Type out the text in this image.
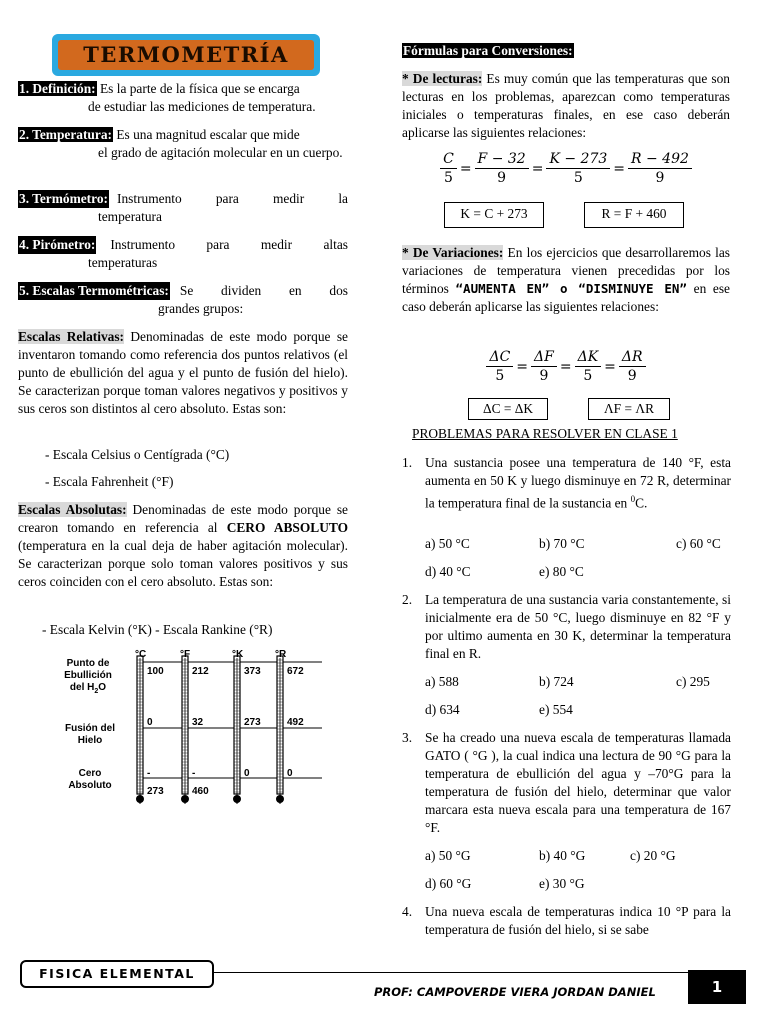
TERMOMETRÍA
1. Definición: Es la parte de la física que se encarga
de estudiar las mediciones de temperatura.
2. Temperatura: Es una magnitud escalar que mide
el grado de agitación molecular en un cuerpo.
3. Termómetro: Instrumento para medir la
temperatura
4. Pirómetro:	Instrumento para medir altas
temperaturas
5. Escalas Termométricas: Se dividen en dos
grandes grupos:
Escalas Relativas: Denominadas de este modo porque se inventaron tomando como referencia dos puntos relativos (el punto de ebullición del agua y el punto de fusión del hielo). Se caracterizan porque toman valores negativos y positivos y sus ceros son distintos al cero absoluto. Estas son:
- Escala Celsius o Centígrada (°C)
- Escala Fahrenheit (°F)
Escalas Absolutas: Denominadas de este modo porque se crearon tomando en referencia al CERO ABSOLUTO (temperatura en la cual deja de haber agitación molecular). Se caracterizan porque solo toman valores positivos y sus ceros coinciden con el cero absoluto. Estas son:
- Escala Kelvin (°K) - Escala Rankine (°R)
Punto de
Ebullición
del $H_2O$
Fusión del
Hielo
Cero
Absoluto
°C
100
0
- 273
°F
212
32
- 460
°K
373
273
0
°R
672
492
0
Fórmulas para Conversiones:
* De lecturas: Es muy común que las temperaturas que son lecturas en los problemas, aparezcan como temperaturas iniciales o temperaturas finales, en ese caso deberán aplicarse las siguientes relaciones:
$\frac{C}{5} = \frac{F - 32}{9} = \frac{K - 273}{5} = \frac{R - 492}{9}$
K = C + 273	R = F + 460
* De Variaciones: En los ejercicios que desarrollaremos las variaciones de temperatura vienen precedidas por los términos “AUMENTA EN” o “DISMINUYE EN” en ese caso deberán aplicarse las siguientes relaciones:
$\frac{\Delta C}{5} = \frac{\Delta F}{9} = \frac{\Delta K}{5} = \frac{\Delta R}{9}$
ΔC = ΔK	ΛF = ΛR
PROBLEMAS PARA RESOLVER EN CLASE 1
1. Una sustancia posee una temperatura de 140 °F, esta aumenta en 50 K y luego disminuye en 72 R, determinar la temperatura final de la sustancia en $^0$C.
a) 50 °C	b) 70 °C	c) 60 °C
d) 40 °C	e) 80 °C
2. La temperatura de una sustancia varia constantemente, si inicialmente era de 50 °C, luego disminuye en 82 °F y por ultimo aumenta en 30 K, determinar la temperatura final en R.
a) 588	b) 724	c) 295
d) 634	e) 554
3. Se ha creado una nueva escala de temperaturas llamada GATO ( °G ), la cual indica una lectura de 90 °G para la temperatura de ebullición del agua y –70°G para la temperatura de fusión del hielo, determinar que valor marcara esta nueva escala para una temperatura de 167 °F.
a) 50 °G	b) 40 °G	c) 20 °G
d) 60 °G	e) 30 °G
4. Una nueva escala de temperaturas indica 10 °P para la temperatura de fusión del hielo, si se sabe
FISICA ELEMENTAL
PROF: CAMPOVERDE VIERA JORDAN DANIEL	1
